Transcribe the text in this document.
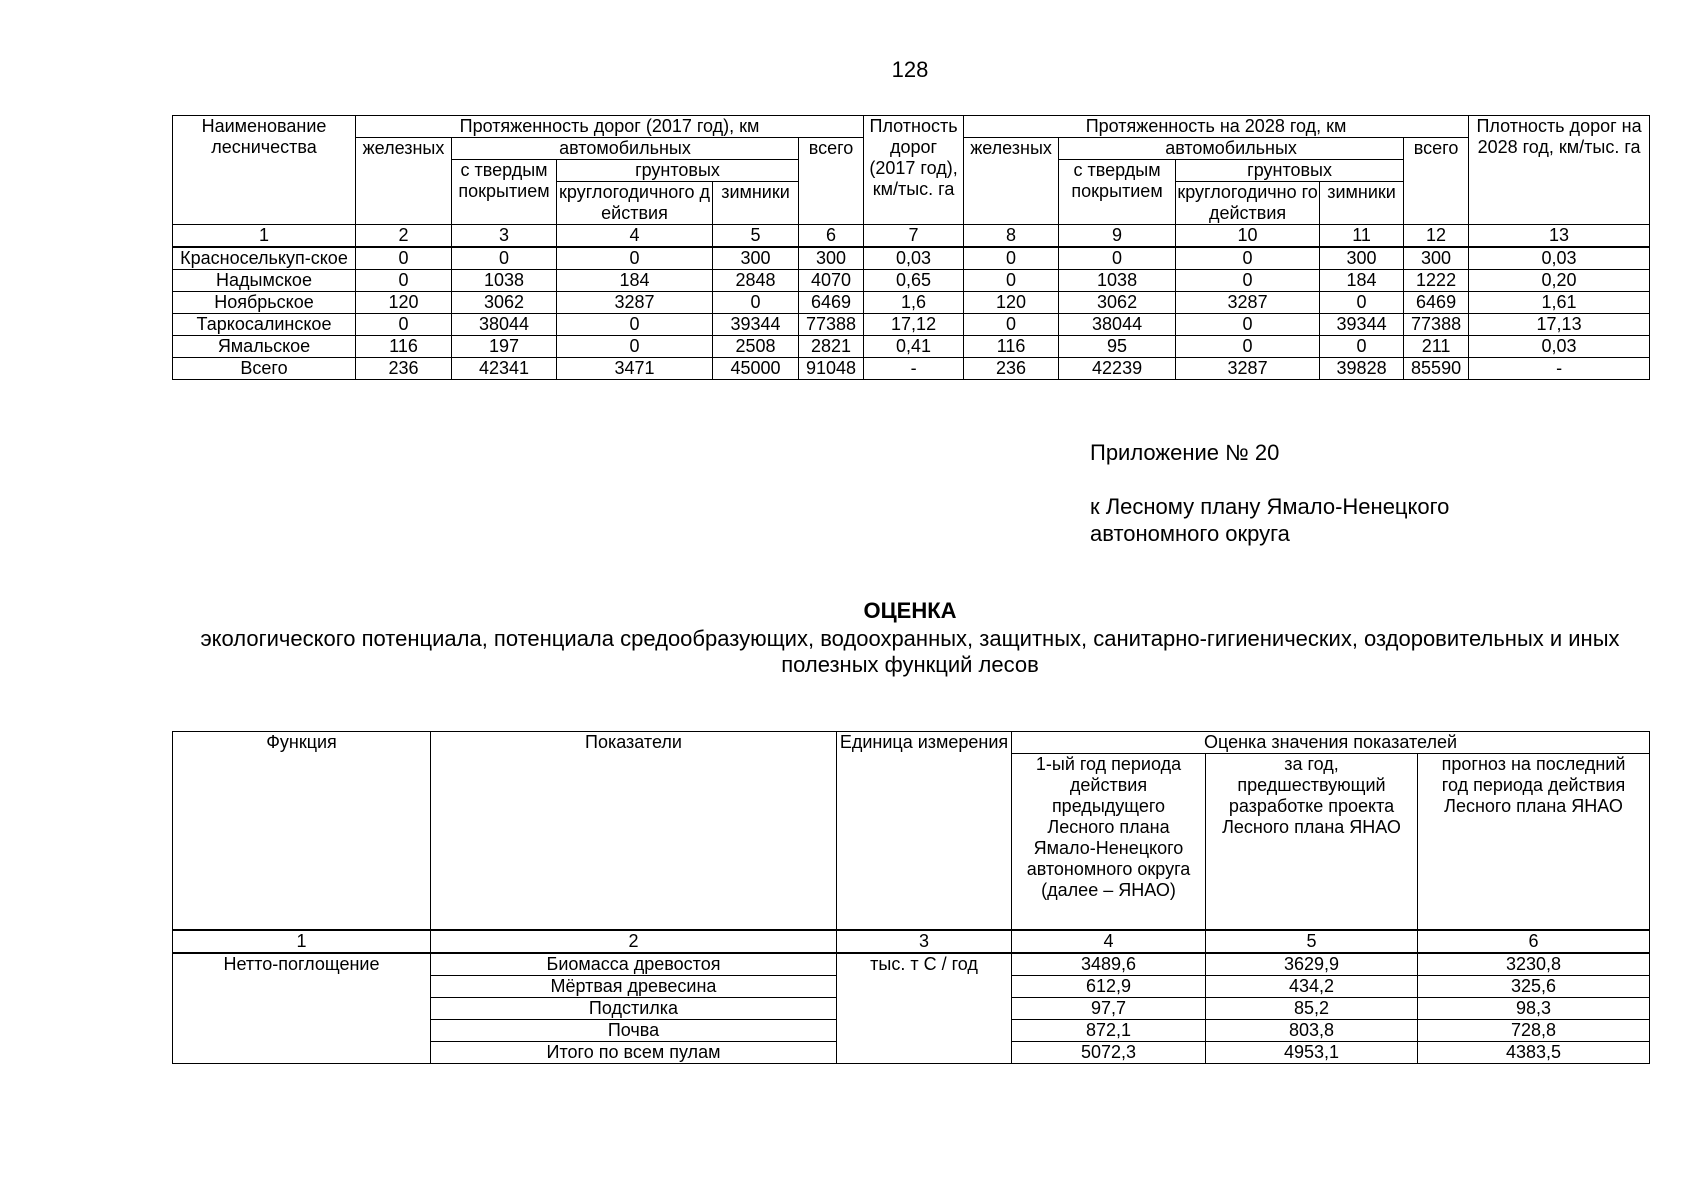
128
Наименование лесничества	Протяженность дорог (2017 год), км					Плотность дорог (2017 год), км/тыс. га	Протяженность на 2028 год, км					Плотность дорог на 2028 год, км/тыс. га
	железных	автомобильных			всего		железных	автомобильных			всего	
		с твердым покрытием	грунтовых					с твердым покрытием	грунтовых			
			круглогодичного действия	зимники					круглогодично го действия	зимники		
1	2	3	4	5	6	7	8	9	10	11	12	13
Красноселькуп-ское	0	0	0	300	300	0,03	0	0	0	300	300	0,03
Надымское	0	1038	184	2848	4070	0,65	0	1038	0	184	1222	0,20
Ноябрьское	120	3062	3287	0	6469	1,6	120	3062	3287	0	6469	1,61
Таркосалинское	0	38044	0	39344	77388	17,12	0	38044	0	39344	77388	17,13
Ямальское	116	197	0	2508	2821	0,41	116	95	0	0	211	0,03
Всего	236	42341	3471	45000	91048	-	236	42239	3287	39828	85590	-
Приложение № 20
к Лесному плану Ямало-Ненецкого
автономного округа
ОЦЕНКА
экологического потенциала, потенциала средообразующих, водоохранных, защитных, санитарно-гигиенических, оздоровительных и иных полезных функций лесов
Функция	Показатели	Единица измерения	Оценка значения показателей		
			1-ый год периода действия предыдущего Лесного плана Ямало-Ненецкого автономного округа (далее – ЯНАО)	за год, предшествующий разработке проекта Лесного плана ЯНАО	прогноз на последний год периода действия Лесного плана ЯНАО
1	2	3	4	5	6
Нетто-поглощение	Биомасса древостоя	тыс. т С / год	3489,6	3629,9	3230,8
	Мёртвая древесина		612,9	434,2	325,6
	Подстилка		97,7	85,2	98,3
	Почва		872,1	803,8	728,8
	Итого по всем пулам		5072,3	4953,1	4383,5
